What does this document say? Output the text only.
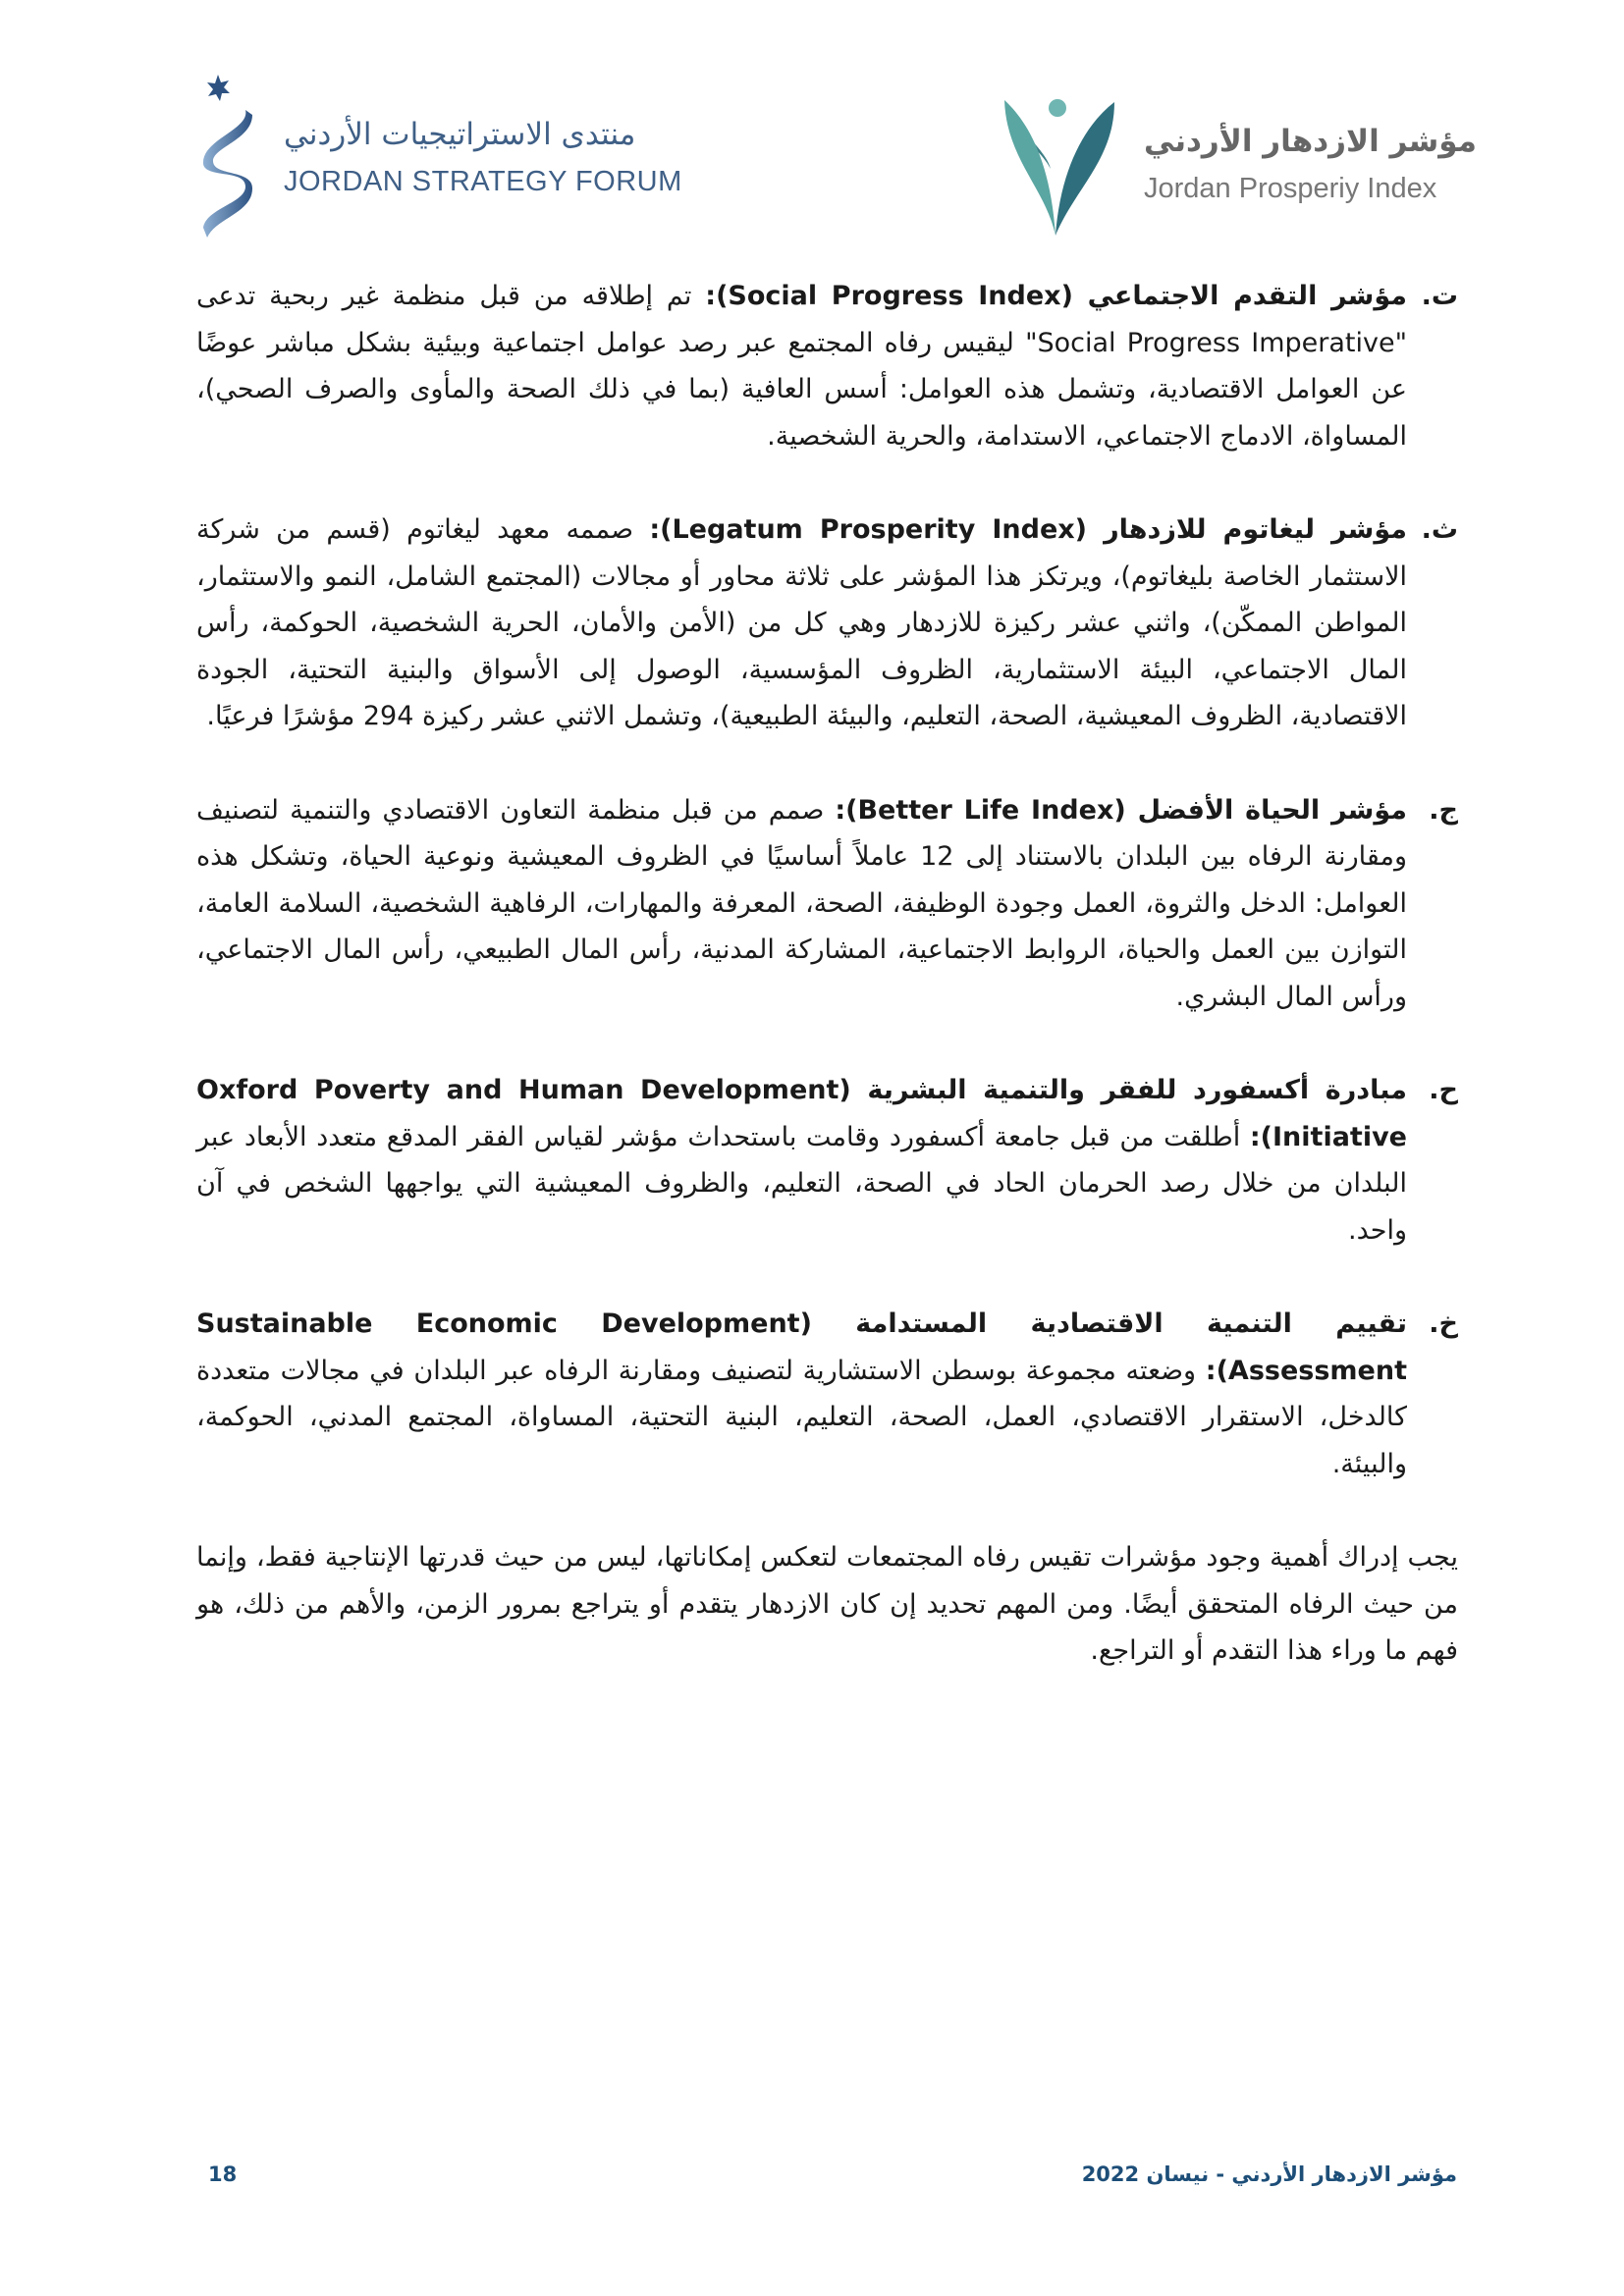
منتدى الاستراتيجيات الأردني
JORDAN STRATEGY FORUM
مؤشر الازدهار الأردني
Jordan Prosperiy Index
ت.
مؤشر التقدم الاجتماعي (Social Progress Index): تم إطلاقه من قبل منظمة غير ربحية تدعى "Social Progress Imperative" ليقيس رفاه المجتمع عبر رصد عوامل اجتماعية وبيئية بشكل مباشر عوضًا عن العوامل الاقتصادية، وتشمل هذه العوامل: أسس العافية (بما في ذلك الصحة والمأوى والصرف الصحي)، المساواة، الادماج الاجتماعي، الاستدامة، والحرية الشخصية.
ث.
مؤشر ليغاتوم للازدهار (Legatum Prosperity Index): صممه معهد ليغاتوم (قسم من شركة الاستثمار الخاصة بليغاتوم)، ويرتكز هذا المؤشر على ثلاثة محاور أو مجالات (المجتمع الشامل، النمو والاستثمار، المواطن الممكّن)، واثني عشر ركيزة للازدهار وهي كل من (الأمن والأمان، الحرية الشخصية، الحوكمة، رأس المال الاجتماعي، البيئة الاستثمارية، الظروف المؤسسية، الوصول إلى الأسواق والبنية التحتية، الجودة الاقتصادية، الظروف المعيشية، الصحة، التعليم، والبيئة الطبيعية)، وتشمل الاثني عشر ركيزة 294 مؤشرًا فرعيًا.
ج.
مؤشر الحياة الأفضل (Better Life Index): صمم من قبل منظمة التعاون الاقتصادي والتنمية لتصنيف ومقارنة الرفاه بين البلدان بالاستناد إلى 12 عاملاً أساسيًا في الظروف المعيشية ونوعية الحياة، وتشكل هذه العوامل: الدخل والثروة، العمل وجودة الوظيفة، الصحة، المعرفة والمهارات، الرفاهية الشخصية، السلامة العامة، التوازن بين العمل والحياة، الروابط الاجتماعية، المشاركة المدنية، رأس المال الطبيعي، رأس المال الاجتماعي، ورأس المال البشري.
ح.
مبادرة أكسفورد للفقر والتنمية البشرية (Oxford Poverty and Human Development Initiative): أطلقت من قبل جامعة أكسفورد وقامت باستحداث مؤشر لقياس الفقر المدقع متعدد الأبعاد عبر البلدان من خلال رصد الحرمان الحاد في الصحة، التعليم، والظروف المعيشية التي يواجهها الشخص في آن واحد.
خ.
تقييم التنمية الاقتصادية المستدامة (Sustainable Economic Development Assessment): وضعته مجموعة بوسطن الاستشارية لتصنيف ومقارنة الرفاه عبر البلدان في مجالات متعددة كالدخل، الاستقرار الاقتصادي، العمل، الصحة، التعليم، البنية التحتية، المساواة، المجتمع المدني، الحوكمة، والبيئة.

يجب إدراك أهمية وجود مؤشرات تقيس رفاه المجتمعات لتعكس إمكاناتها، ليس من حيث قدرتها الإنتاجية فقط، وإنما من حيث الرفاه المتحقق أيضًا. ومن المهم تحديد إن كان الازدهار يتقدم أو يتراجع بمرور الزمن، والأهم من ذلك، هو فهم ما وراء هذا التقدم أو التراجع.

18	مؤشر الازدهار الأردني - نيسان 2022
